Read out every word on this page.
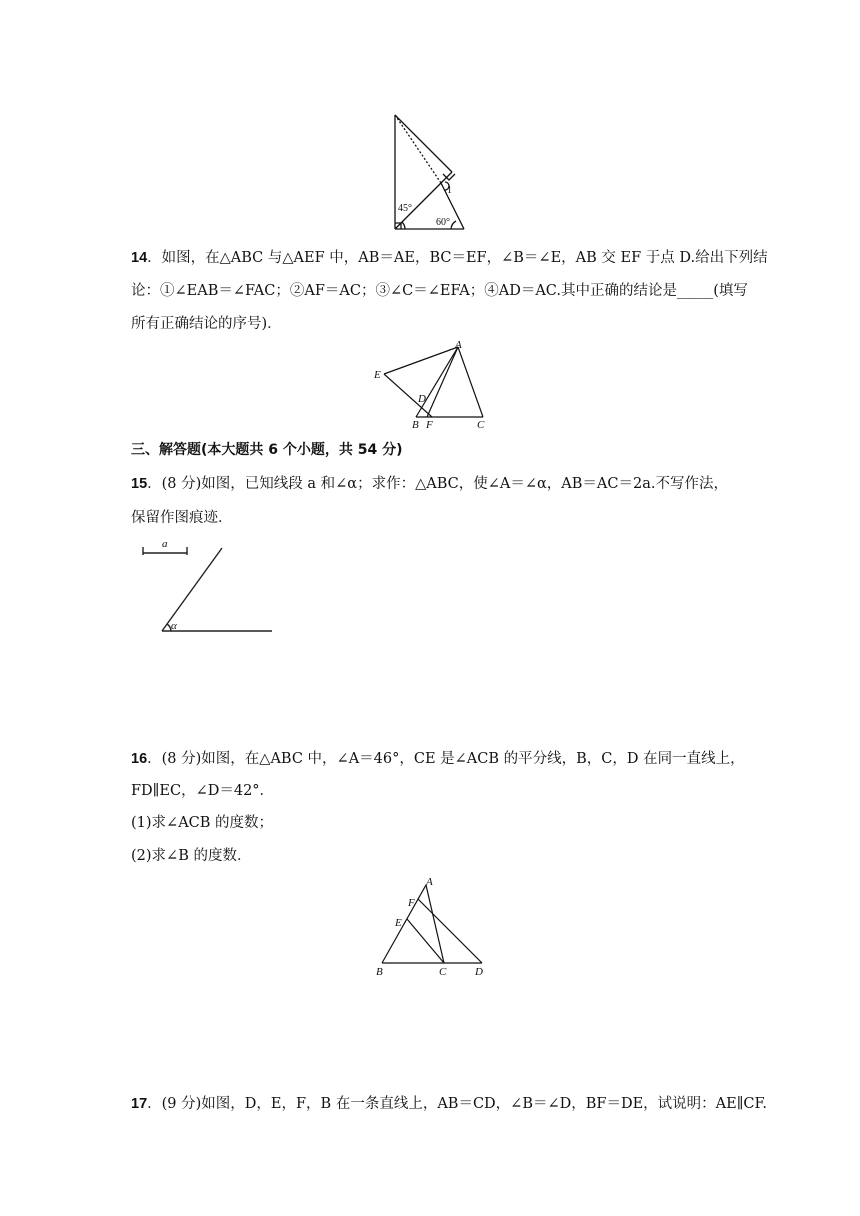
45°
60°
1
14．如图，在△ABC 与△AEF 中，AB＝AE，BC＝EF，∠B＝∠E，AB 交 EF 于点 D.给出下列结
论：①∠EAB＝∠FAC；②AF＝AC；③∠C＝∠EFA；④AD＝AC.其中正确的结论是_____(填写
所有正确结论的序号)．
A
E
D
B F	C
三、解答题(本大题共 6 个小题，共 54 分)
15．(8 分)如图，已知线段 a 和∠α；求作：△ABC，使∠A＝∠α，AB＝AC＝2a.不写作法，
保留作图痕迹．
a
α
16．(8 分)如图，在△ABC 中，∠A＝46°，CE 是∠ACB 的平分线，B，C，D 在同一直线上，
FD∥EC，∠D＝42°．
(1)求∠ACB 的度数；
(2)求∠B 的度数．
A
F
E
B	C	D
17．(9 分)如图，D，E，F，B 在一条直线上，AB＝CD，∠B＝∠D，BF＝DE，试说明：AE∥CF.
